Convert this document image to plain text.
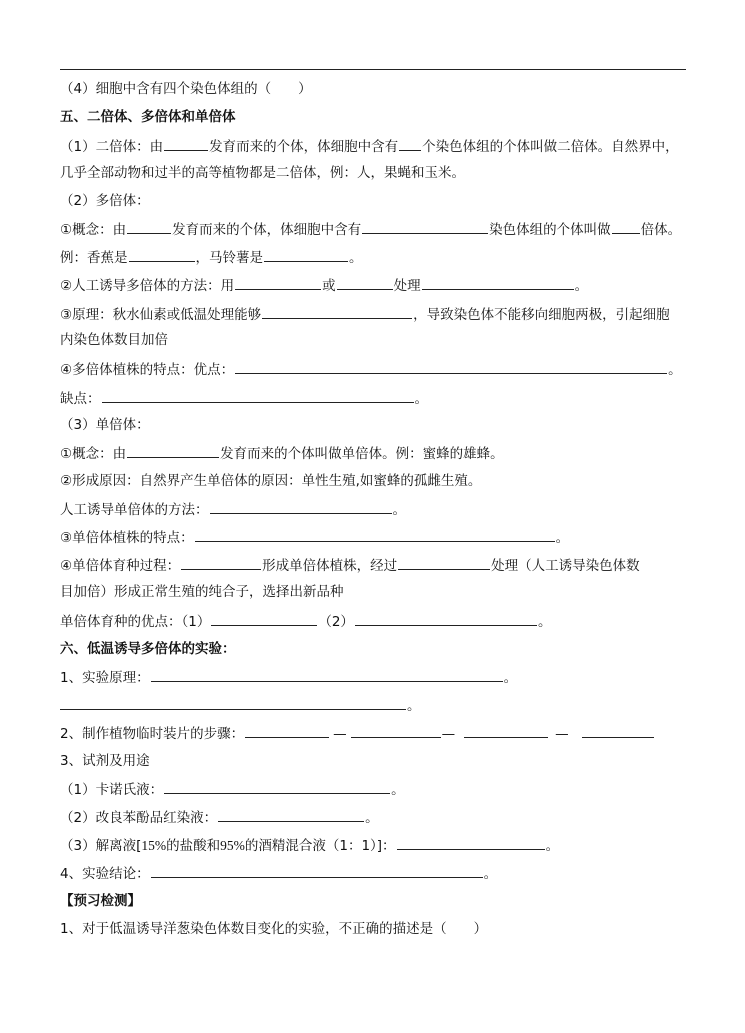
（4）细胞中含有四个染色体组的（　　）
五、二倍体、多倍体和单倍体
（1）二倍体：由	发育而来的个体，体细胞中含有 个染色体组的个体叫做二倍体。自然界中，
几乎全部动物和过半的高等植物都是二倍体，例：人，果蝇和玉米。
（2）多倍体：
①概念：由	发育而来的个体，体细胞中含有	染色体组的个体叫做 倍体。
例：香蕉是	，马铃薯是	。
②人工诱导多倍体的方法：用	或	处理	。
③原理：秋水仙素或低温处理能够	，导致染色体不能移向细胞两极，引起细胞
内染色体数目加倍
④多倍体植株的特点：优点：	。
缺点：	。
（3）单倍体：
①概念：由	发育而来的个体叫做单倍体。例：蜜蜂的雄蜂。
②形成原因：自然界产生单倍体的原因：单性生殖,如蜜蜂的孤雌生殖。
人工诱导单倍体的方法：	。
③单倍体植株的特点：	。
④单倍体育种过程：	形成单倍体植株，经过	处理（人工诱导染色体数
目加倍）形成正常生殖的纯合子，选择出新品种
单倍体育种的优点：（1）	（2）	。
六、低温诱导多倍体的实验：
1、实验原理：	。
。
2、制作植物临时装片的步骤：	—	—	—
3、试剂及用途
（1）卡诺氏液：	。
（2）改良苯酚品红染液：	。
（3）解离液[15%的盐酸和95%的酒精混合液（1：1）]：	。
4、实验结论：	。
【预习检测】
1、对于低温诱导洋葱染色体数目变化的实验，不正确的描述是（　　）
